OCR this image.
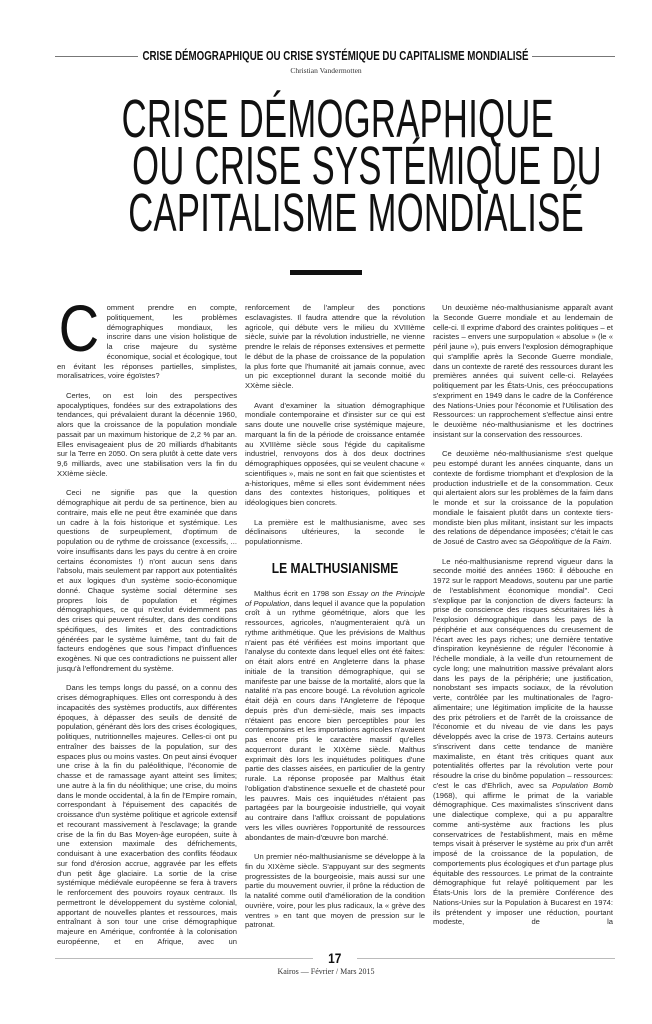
CRISE DÉMOGRAPHIQUE OU CRISE SYSTÉMIQUE DU CAPITALISME MONDIALISÉ
Christian Vandermotten
CRISE DÉMOGRAPHIQUE
OU CRISE SYSTÉMIQUE DU
CAPITALISME MONDIALISÉ

Comment prendre en compte, politiquement, les problèmes démographiques mondiaux, les inscrire dans une vision holistique de la crise majeure du système économique, social et écologique, tout en évitant les réponses partielles, simplistes, moralisatrices, voire égoïstes?

Certes, on est loin des perspectives apocalyptiques, fondées sur des extrapolations des tendances, qui prévalaient durant la décennie 1960, alors que la croissance de la population mondiale passait par un maximum historique de 2,2 % par an. Elles envisageaient plus de 20 milliards d'habitants sur la Terre en 2050. On sera plutôt à cette date vers 9,6 milliards, avec une stabilisation vers la fin du XXIème siècle.

Ceci ne signifie pas que la question démographique ait perdu de sa pertinence, bien au contraire, mais elle ne peut être examinée que dans un cadre à la fois historique et systémique. Les questions de surpeuplement, d'optimum de population ou de rythme de croissance (excessifs, ... voire insuffisants dans les pays du centre à en croire certains économistes !) n'ont aucun sens dans l'absolu, mais seulement par rapport aux potentialités et aux logiques d'un système socio-économique donné. Chaque système social détermine ses propres lois de population et régimes démographiques, ce qui n'exclut évidemment pas des crises qui peuvent résulter, dans des conditions spécifiques, des limites et des contradictions générées par le système luimême, tant du fait de facteurs endogènes que sous l'impact d'influences exogènes. Ni que ces contradictions ne puissent aller jusqu'à l'effondrement du système.

Dans les temps longs du passé, on a connu des crises démographiques. Elles ont correspondu à des incapacités des systèmes productifs, aux différentes époques, à dépasser des seuils de densité de population, générant dès lors des crises écologiques, politiques, nutritionnelles majeures. Celles-ci ont pu entraîner des baisses de la population, sur des espaces plus ou moins vastes. On peut ainsi évoquer une crise à la fin du paléolithique, l'économie de chasse et de ramassage ayant atteint ses limites; une autre à la fin du néolithique; une crise, du moins dans le monde occidental, à la fin de l'Empire romain, correspondant à l'épuisement des capacités de croissance d'un système politique et agricole extensif et recourant massivement à l'esclavage; la grande crise de la fin du Bas Moyen-âge européen, suite à une extension maximale des défrichements, conduisant à une exacerbation des conflits féodaux sur fond d'érosion accrue, aggravée par les effets d'un petit âge glaciaire. La sortie de la crise systémique médiévale européenne se fera à travers le renforcement des pouvoirs royaux centraux. Ils permettront le développement du système colonial, apportant de nouvelles plantes et ressources, mais entraînant à son tour une crise démographique majeure en Amérique, confrontée à la colonisation européenne, et en Afrique, avec un

renforcement de l'ampleur des ponctions esclavagistes. Il faudra attendre que la révolution agricole, qui débute vers le milieu du XVIIIème siècle, suivie par la révolution industrielle, ne vienne prendre le relais de réponses extensives et permette le début de la phase de croissance de la population la plus forte que l'humanité ait jamais connue, avec un pic exceptionnel durant la seconde moitié du XXème siècle.

Avant d'examiner la situation démographique mondiale contemporaine et d'insister sur ce qui est sans doute une nouvelle crise systémique majeure, marquant la fin de la période de croissance entamée au XVIIIème siècle sous l'égide du capitalisme industriel, renvoyons dos à dos deux doctrines démographiques opposées, qui se veulent chacune « scientifiques », mais ne sont en fait que scientistes et a-historiques, même si elles sont évidemment nées dans des contextes historiques, politiques et idéologiques bien concrets.

La première est le malthusianisme, avec ses déclinaisons ultérieures, la seconde le populationnisme.

LE MALTHUSIANISME

Malthus écrit en 1798 son Essay on the Principle of Population, dans lequel il avance que la population croît à un rythme géométrique, alors que les ressources, agricoles, n'augmenteraient qu'à un rythme arithmétique. Que les prévisions de Malthus n'aient pas été vérifiées est moins important que l'analyse du contexte dans lequel elles ont été faites: on était alors entré en Angleterre dans la phase initiale de la transition démographique, qui se manifeste par une baisse de la mortalité, alors que la natalité n'a pas encore bougé. La révolution agricole était déjà en cours dans l'Angleterre de l'époque depuis près d'un demi-siècle, mais ses impacts n'étaient pas encore bien perceptibles pour les contemporains et les importations agricoles n'avaient pas encore pris le caractère massif qu'elles acquerront durant le XIXème siècle. Malthus exprimait dès lors les inquiétudes politiques d'une partie des classes aisées, en particulier de la gentry rurale. La réponse proposée par Malthus était l'obligation d'abstinence sexuelle et de chasteté pour les pauvres. Mais ces inquiétudes n'étaient pas partagées par la bourgeoisie industrielle, qui voyait au contraire dans l'afflux croissant de populations vers les villes ouvrières l'opportunité de ressources abondantes de main-d'œuvre bon marché.

Un premier néo-malthusianisme se développe à la fin du XIXème siècle. S'appuyant sur des segments progressistes de la bourgeoisie, mais aussi sur une partie du mouvement ouvrier, il prône la réduction de la natalité comme outil d'amélioration de la condition ouvrière, voire, pour les plus radicaux, la « grève des ventres » en tant que moyen de pression sur le patronat.

Un deuxième néo-malthusianisme apparaît avant la Seconde Guerre mondiale et au lendemain de celle-ci. Il exprime d'abord des craintes politiques – et racistes – envers une surpopulation « absolue » (le « péril jaune »), puis envers l'explosion démographique qui s'amplifie après la Seconde Guerre mondiale, dans un contexte de rareté des ressources durant les premières années qui suivent celle-ci. Relayées politiquement par les États-Unis, ces préoccupations s'expriment en 1949 dans le cadre de la Conférence des Nations-Unies pour l'économie et l'Utilisation des Ressources: un rapprochement s'effectue ainsi entre le deuxième néo-malthusianisme et les doctrines insistant sur la conservation des ressources.

Ce deuxième néo-malthusianisme s'est quelque peu estompé durant les années cinquante, dans un contexte de fordisme triomphant et d'explosion de la production industrielle et de la consommation. Ceux qui alertaient alors sur les problèmes de la faim dans le monde et sur la croissance de la population mondiale le faisaient plutôt dans un contexte tiers-mondiste bien plus militant, insistant sur les impacts des relations de dépendance imposées; c'était le cas de Josué de Castro avec sa Géopolitique de la Faim.

Le néo-malthusianisme reprend vigueur dans la seconde moitié des années 1960: il débouche en 1972 sur le rapport Meadows, soutenu par une partie de l'establishment économique mondial". Ceci s'explique par la conjonction de divers facteurs: la prise de conscience des risques sécuritaires liés à l'explosion démographique dans les pays de la périphérie et aux conséquences du creusement de l'écart avec les pays riches; une dernière tentative d'inspiration keynésienne de réguler l'économie à l'échelle mondiale, à la veille d'un retournement de cycle long; une malnutrition massive prévalant alors dans les pays de la périphérie; une justification, nonobstant ses impacts sociaux, de la révolution verte, contrôlée par les multinationales de l'agro-alimentaire; une légitimation implicite de la hausse des prix pétroliers et de l'arrêt de la croissance de l'économie et du niveau de vie dans les pays développés avec la crise de 1973. Certains auteurs s'inscrivent dans cette tendance de manière maximaliste, en étant très critiques quant aux potentialités offertes par la révolution verte pour résoudre la crise du binôme population – ressources: c'est le cas d'Ehrlich, avec sa Population Bomb (1968), qui affirme le primat de la variable démographique. Ces maximalistes s'inscrivent dans une dialectique complexe, qui a pu apparaître comme anti-système aux fractions les plus conservatrices de l'establishment, mais en même temps visait à préserver le système au prix d'un arrêt imposé de la croissance de la population, de comportements plus écologiques et d'un partage plus équitable des ressources. Le primat de la contrainte démographique fut relayé politiquement par les États-Unis lors de la première Conférence des Nations-Unies sur la Population à Bucarest en 1974: ils prétendent y imposer une réduction, pourtant modeste, de la

17
Kairos — Février / Mars 2015
